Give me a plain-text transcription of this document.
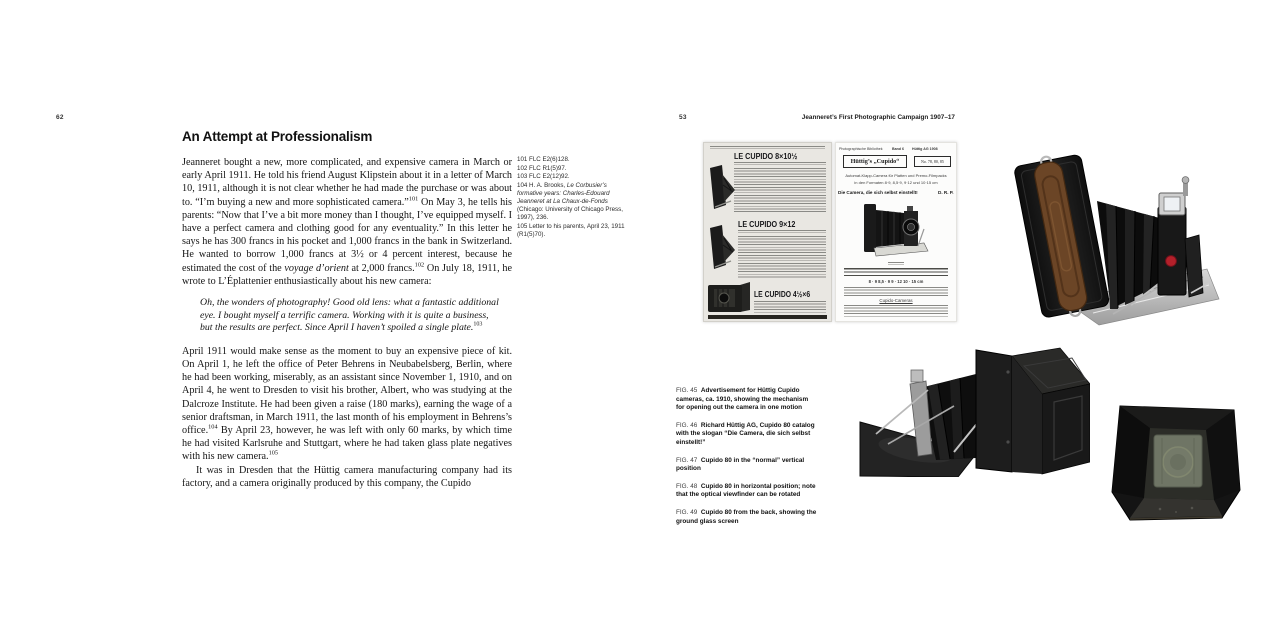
62
An Attempt at Professionalism

Jeanneret bought a new, more complicated, and expensive camera in March or early April 1911. He told his friend August Klipstein about it in a letter of March 10, 1911, although it is not clear whether he had made the purchase or was about to. “I’m buying a new and more sophisticated camera.”$^{101}$ On May 3, he tells his parents: “Now that I’ve a bit more money than I thought, I’ve equipped myself. I have a perfect camera and clothing good for any eventuality.” In this letter he says he has 300 francs in his pocket and 1,000 francs in the bank in Switzerland. He wanted to borrow 1,000 francs at 3½ or 4 percent interest, because he estimated the cost of the voyage d’orient at 2,000 francs.$^{102}$ On July 18, 1911, he wrote to L’Éplattenier enthusiastically about his new camera:

Oh, the wonders of photography! Good old lens: what a fantastic additional eye. I bought myself a terrific camera. Working with it is quite a business, but the results are perfect. Since April I haven’t spoiled a single plate.$^{103}$

April 1911 would make sense as the moment to buy an expensive piece of kit. On April 1, he left the office of Peter Behrens in Neubabelsberg, Berlin, where he had been working, miserably, as an assistant since November 1, 1910, and on April 4, he went to Dresden to visit his brother, Albert, who was studying at the Dalcroze Institute. He had been given a raise (180 marks), earning the wage of a senior draftsman, in March 1911, the last month of his employment in Behrens’s office.$^{104}$ By April 23, however, he was left with only 60 marks, by which time he had visited Karlsruhe and Stuttgart, where he had taken glass plate negatives with his new camera.$^{105}$

It was in Dresden that the Hüttig camera manufacturing company had its factory, and a camera originally produced by this company, the Cupido

101 FLC E2(6)128.
102 FLC R1(5)97.
103 FLC E2(12)92.
104 H. A. Brooks, Le Corbusier’s formative years: Charles-Edouard Jeanneret at La Chaux-de-Fonds (Chicago: University of Chicago Press, 1997), 236.
105 Letter to his parents, April 23, 1911 (R1(5)70).
53	Jeanneret’s First Photographic Campaign 1907–17
LE CUPIDO 8×10½
LE CUPIDO 9×12
LE CUPIDO 4½×6
Photographische Bibliothek	Band 6 Hüttig AG 1908
Hüttig’s „Cupido“	No. 78, 80, 85
Automat-Klapp-Camera für Platten und Premo-Filmpacks
in den Formaten 8·9, 8,5·9, 9·12 und 10·15 cm
Die Camera, die sich selbst einstellt!	D. R. P.
8 · 9 8,5 · 9 9 · 12 10 · 15 cm
Cupido-Cameras
FIG. 45 Advertisement for Hüttig Cupido cameras, ca. 1910, showing the mechanism for opening out the camera in one motion
FIG. 46 Richard Hüttig AG, Cupido 80 catalog with the slogan “Die Camera, die sich selbst einstellt!”
FIG. 47 Cupido 80 in the “normal” vertical position
FIG. 48 Cupido 80 in horizontal position; note that the optical viewfinder can be rotated
FIG. 49 Cupido 80 from the back, showing the ground glass screen
